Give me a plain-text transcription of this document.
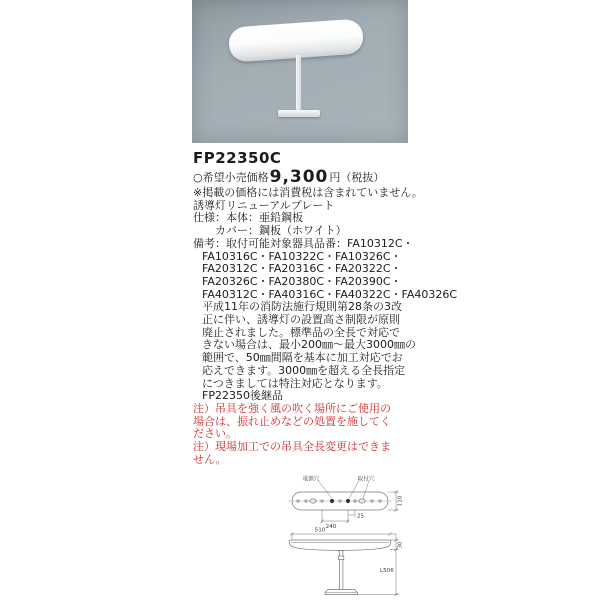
FP22350C
○希望小売価格 9,300 円（税抜）
※掲載の価格には消費税は含まれていません。
誘導灯リニューアルプレート
仕様：本体：亜鉛鋼板
カバー：鋼板（ホワイト）
備考：取付可能対象器具品番：FA10312C・
FA10316C・FA10322C・FA10326C・
FA20312C・FA20316C・FA20322C・
FA20326C・FA20380C・FA20390C・
FA40312C・FA40316C・FA40322C・FA40326C
平成11年の消防法施行規則第28条の3改
正に伴い、誘導灯の設置高さ制限が原則
廃止されました。標準品の全長で対応で
きない場合は、最小200㎜～最大3000㎜の
範囲で、50㎜間隔を基本に加工対応でお
応えできます。3000㎜を超える全長指定
につきましては特注対応となります。
FP22350後継品
注）吊具を強く風の吹く場所にご使用の
場合は、振れ止めなどの処置を施してく
ださい。
注）現場加工での吊具全長変更はできま
せん。
電源穴	取付穴
110
25
240
510
30
L506
